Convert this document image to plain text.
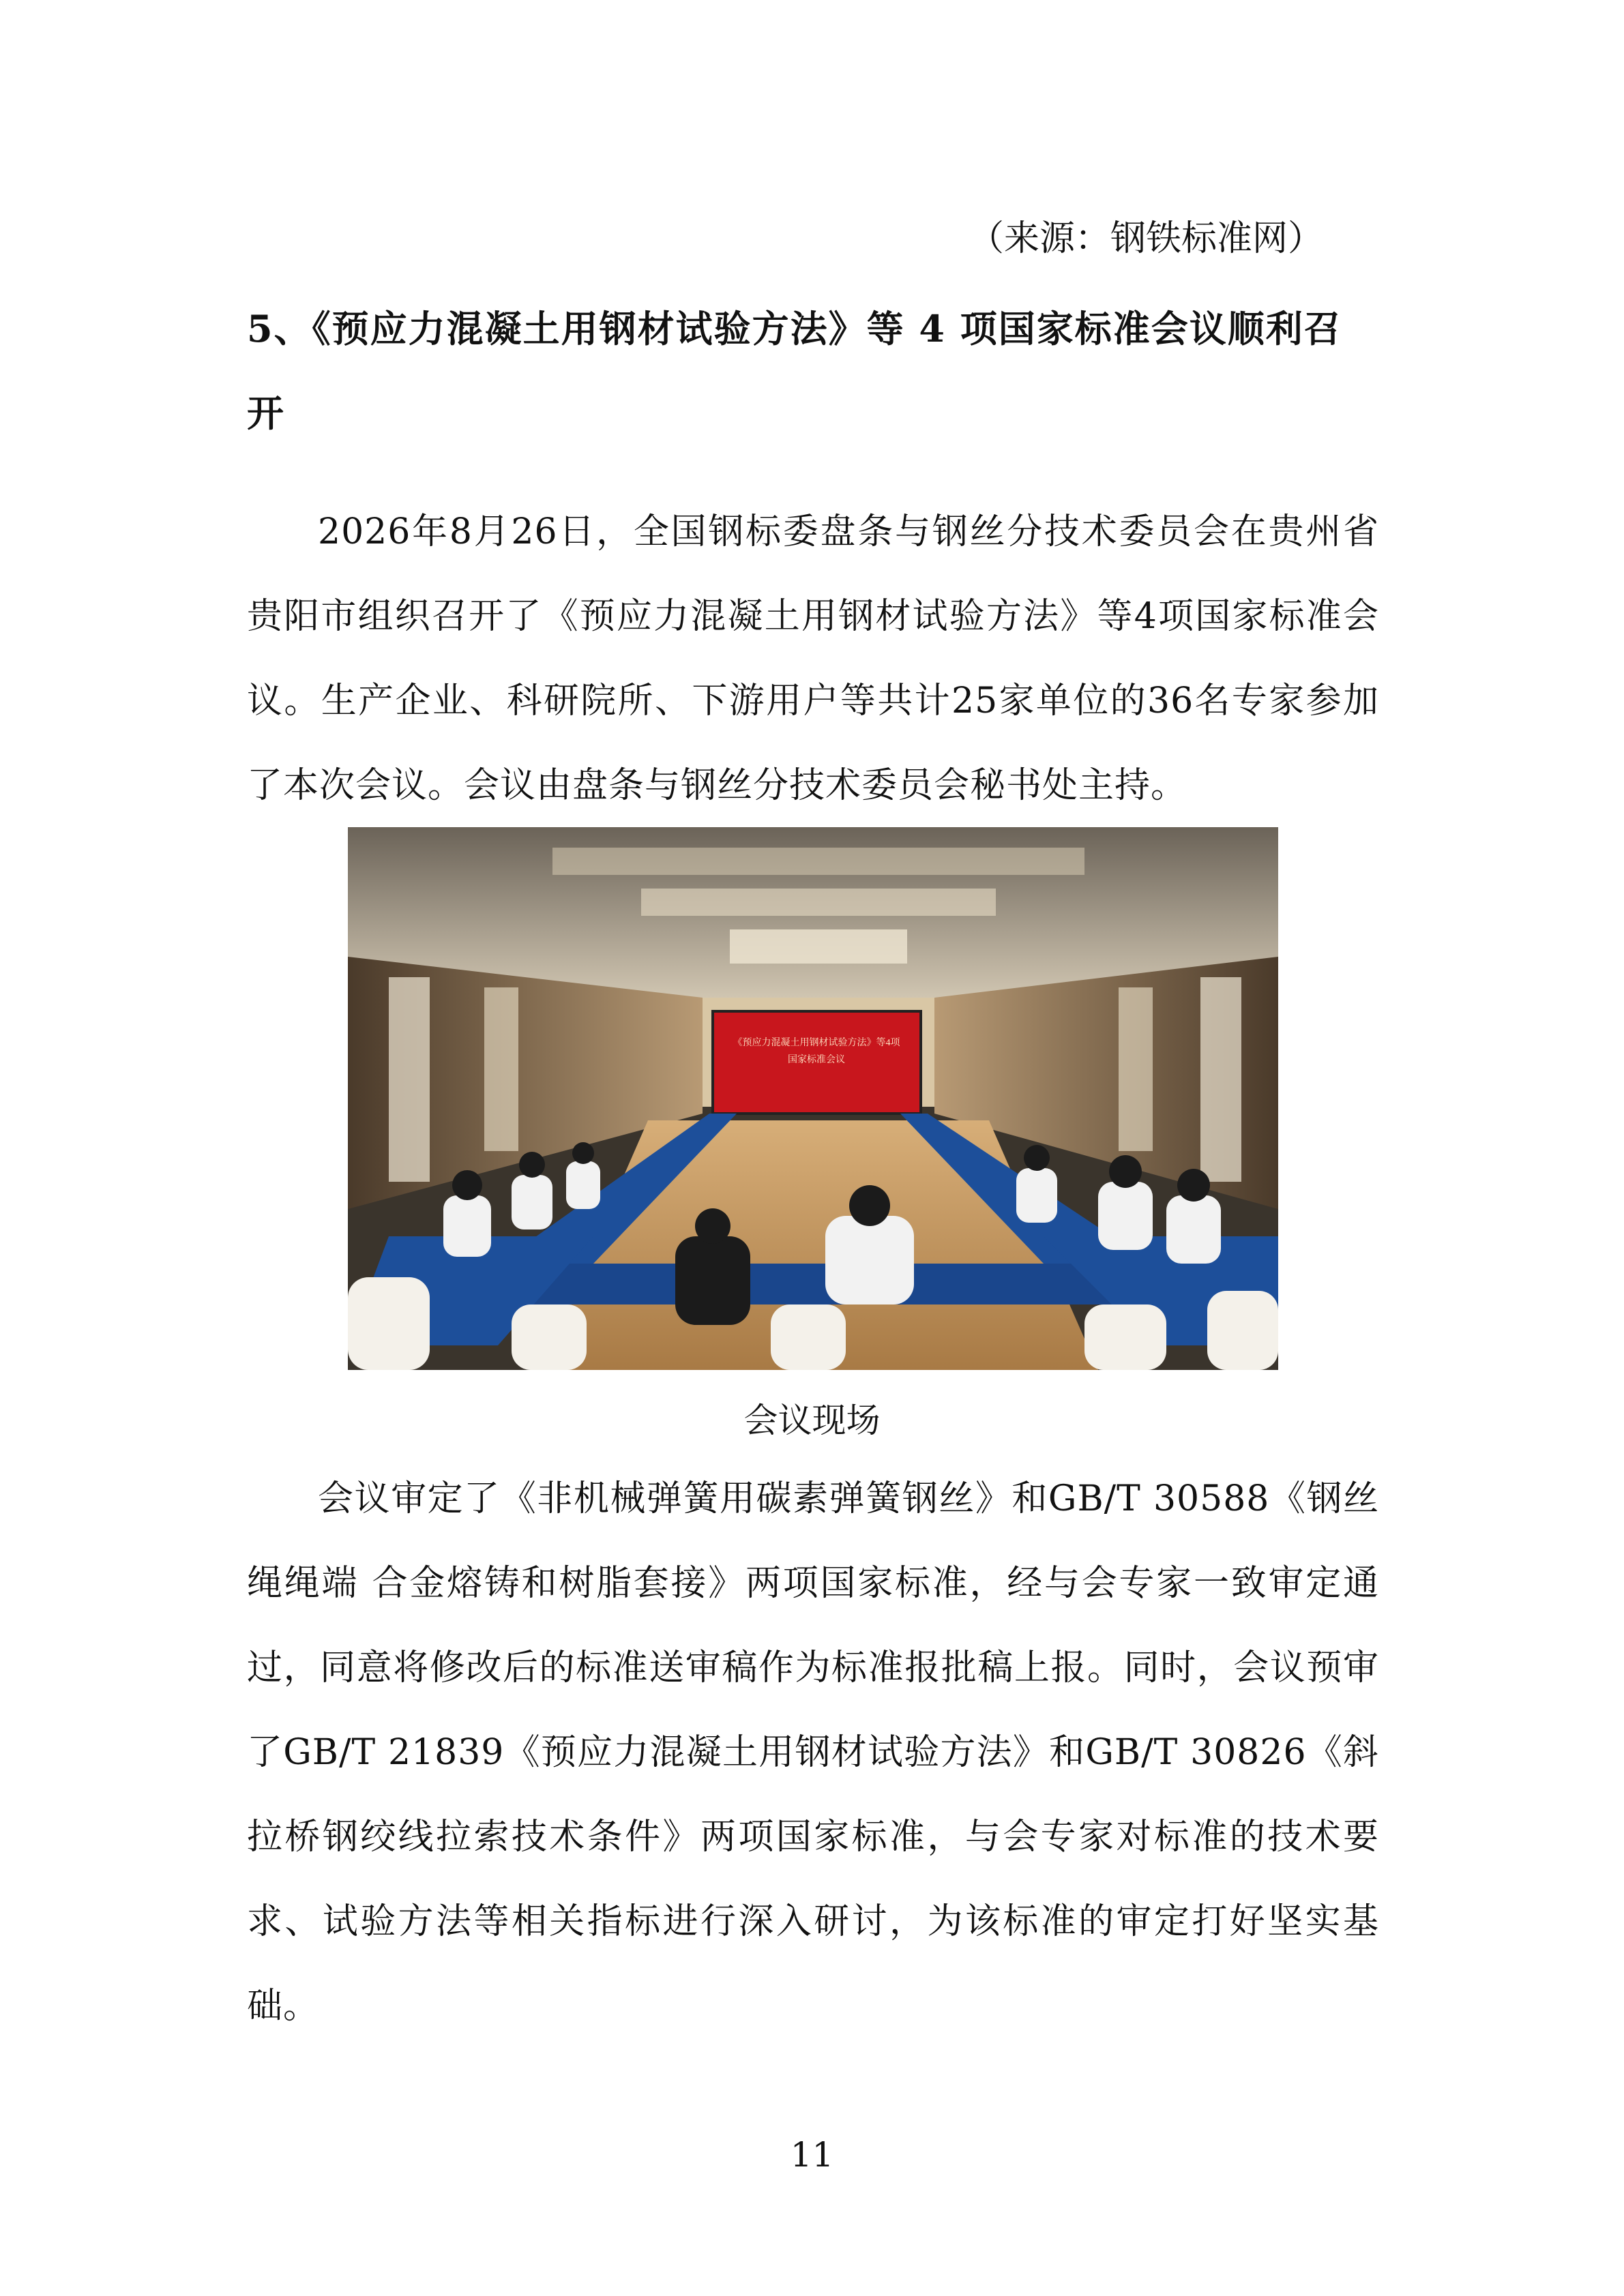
（来源：钢铁标准网）
5、《预应力混凝土用钢材试验方法》等 4 项国家标准会议顺利召开
2026年8月26日，全国钢标委盘条与钢丝分技术委员会在贵州省贵阳市组织召开了《预应力混凝土用钢材试验方法》等4项国家标准会议。生产企业、科研院所、下游用户等共计25家单位的36名专家参加了本次会议。会议由盘条与钢丝分技术委员会秘书处主持。
《预应力混凝土用钢材试验方法》等4项
国家标准会议
会议现场
会议审定了《非机械弹簧用碳素弹簧钢丝》和GB/T 30588《钢丝绳绳端 合金熔铸和树脂套接》两项国家标准，经与会专家一致审定通过，同意将修改后的标准送审稿作为标准报批稿上报。同时，会议预审了GB/T 21839《预应力混凝土用钢材试验方法》和GB/T 30826《斜拉桥钢绞线拉索技术条件》两项国家标准，与会专家对标准的技术要求、试验方法等相关指标进行深入研讨，为该标准的审定打好坚实基础。
11
